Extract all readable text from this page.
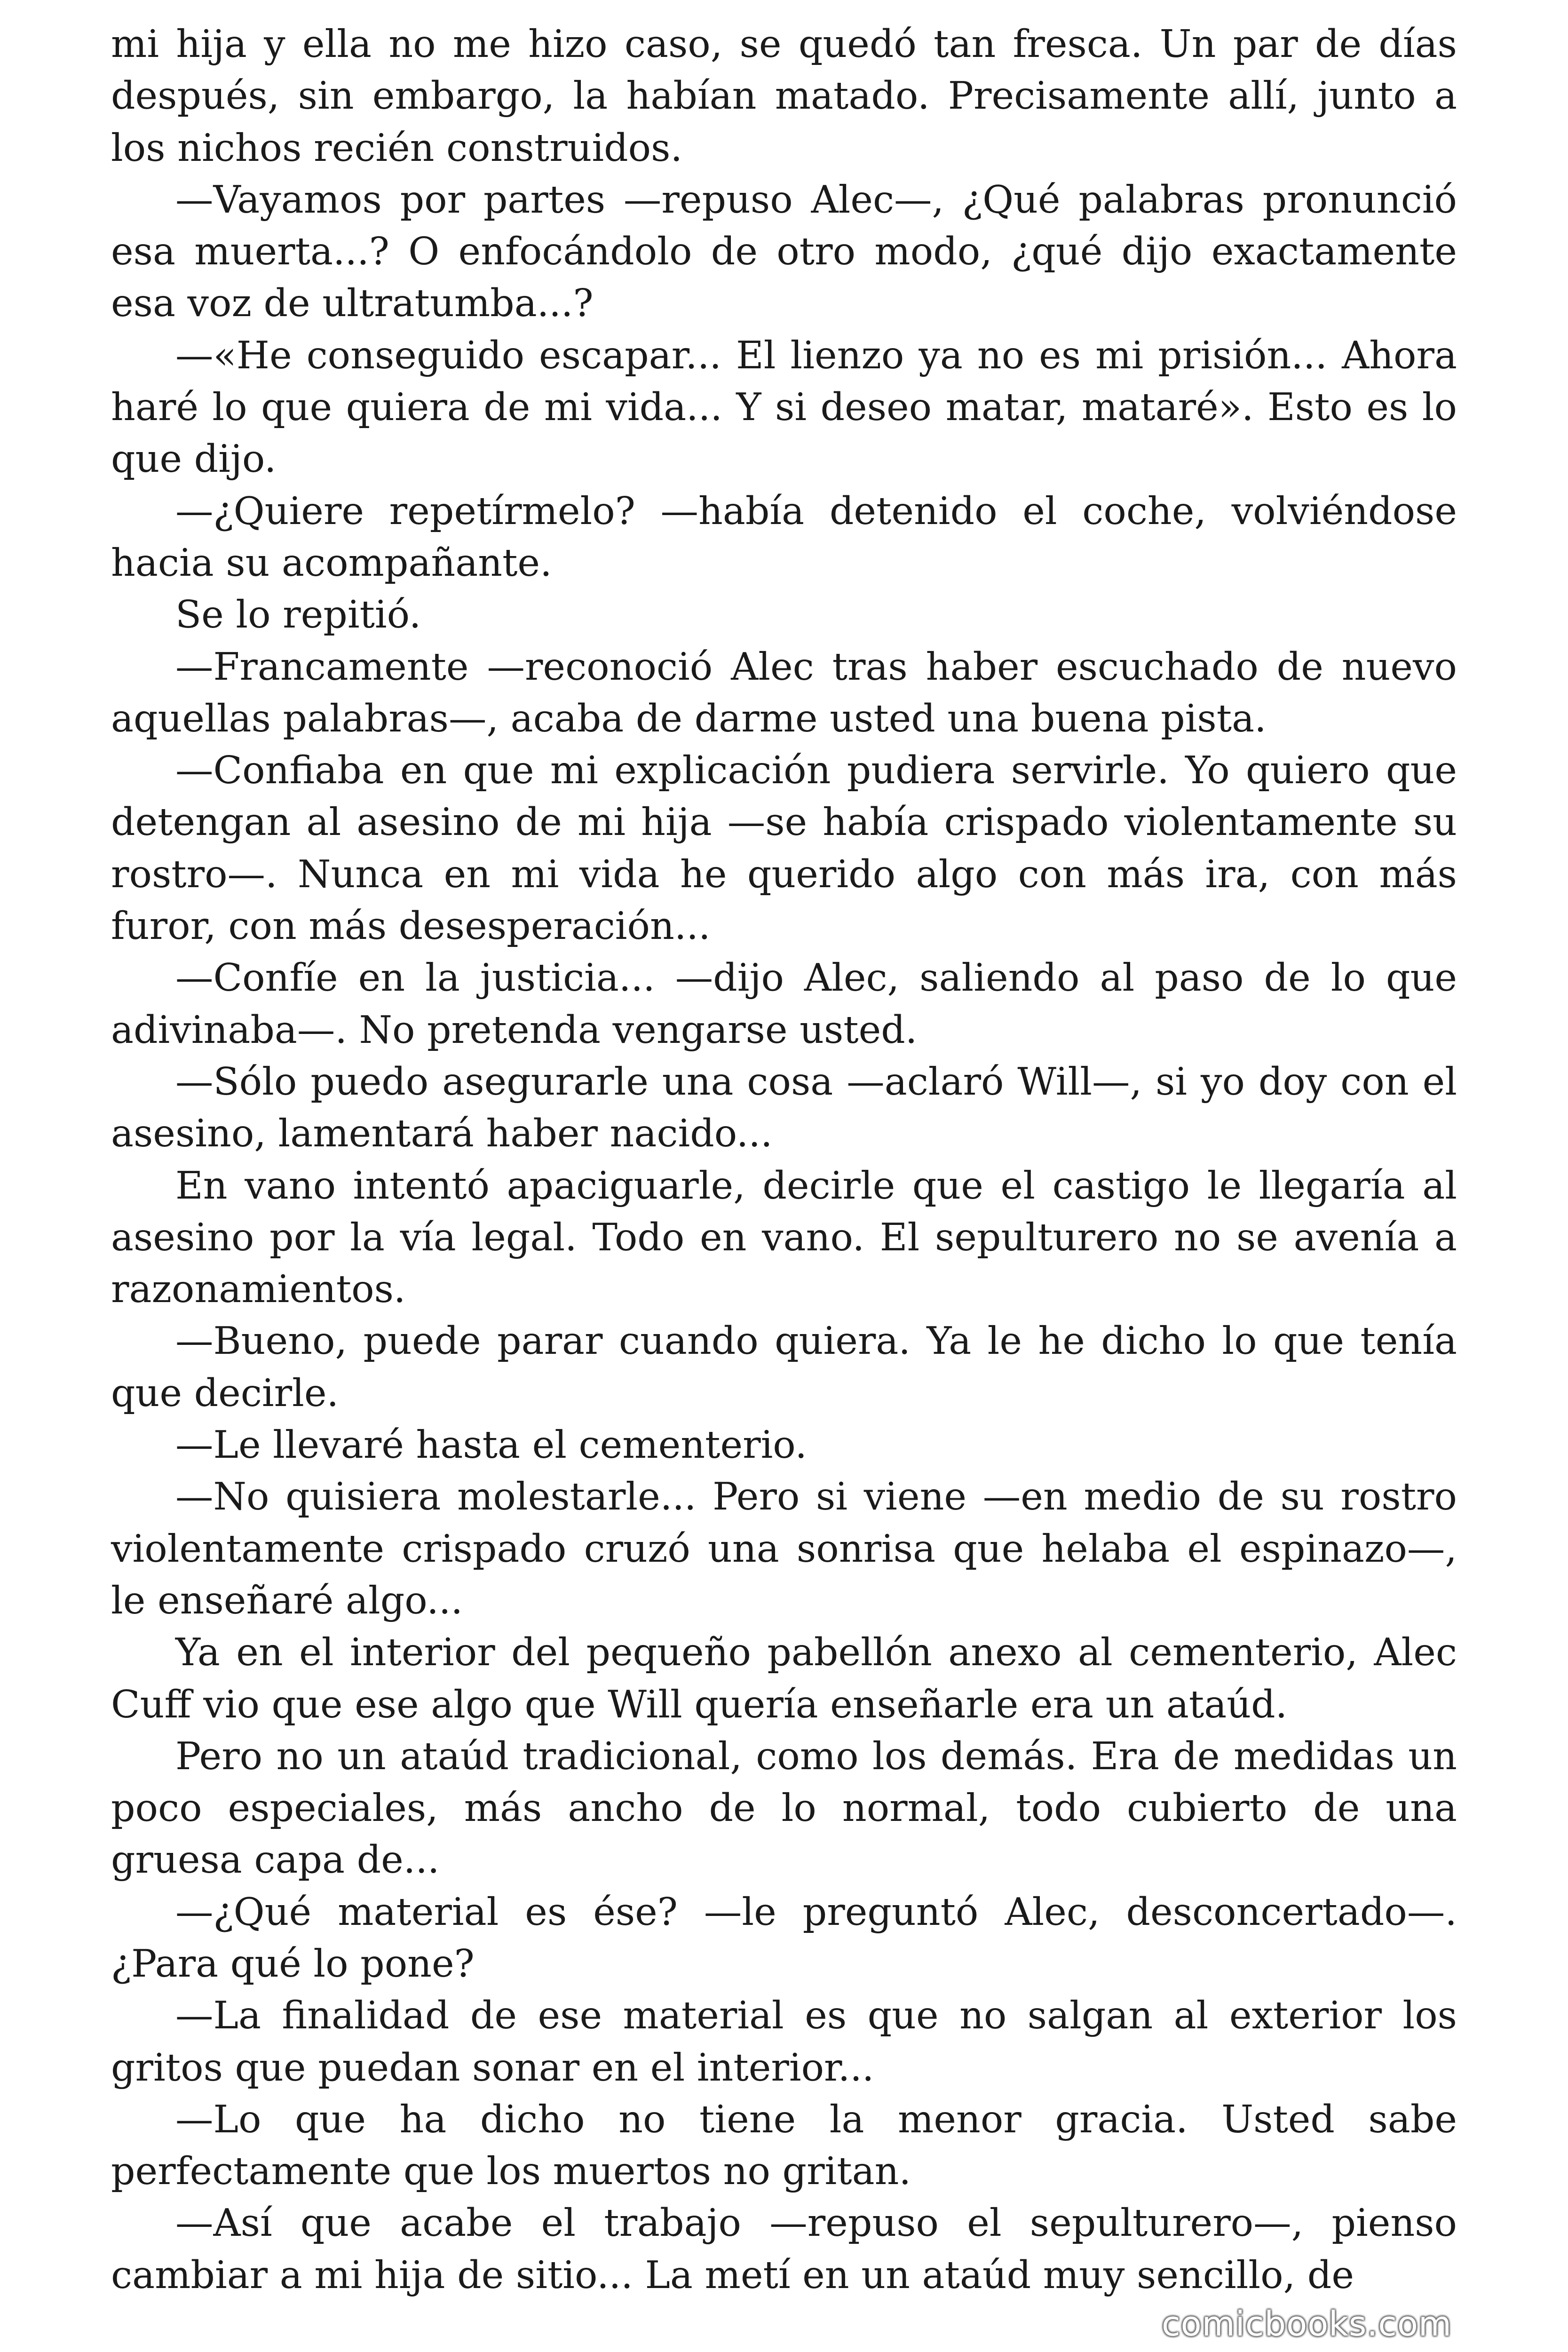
mi hija y ella no me hizo caso, se quedó tan fresca. Un par de días después, sin embargo, la habían matado. Precisamente allí, junto a los nichos recién construidos.

—Vayamos por partes —repuso Alec—, ¿Qué palabras pronunció esa muerta...? O enfocándolo de otro modo, ¿qué dijo exactamente esa voz de ultratumba...?

—«He conseguido escapar... El lienzo ya no es mi prisión... Ahora haré lo que quiera de mi vida... Y si deseo matar, mataré». Esto es lo que dijo.

—¿Quiere repetírmelo? —había detenido el coche, volviéndose hacia su acompañante.

Se lo repitió.

—Francamente —reconoció Alec tras haber escuchado de nuevo aquellas palabras—, acaba de darme usted una buena pista.

—Confiaba en que mi explicación pudiera servirle. Yo quiero que detengan al asesino de mi hija —se había crispado violentamente su rostro—. Nunca en mi vida he querido algo con más ira, con más furor, con más desesperación...

—Confíe en la justicia... —dijo Alec, saliendo al paso de lo que adivinaba—. No pretenda vengarse usted.

—Sólo puedo asegurarle una cosa —aclaró Will—, si yo doy con el asesino, lamentará haber nacido...

En vano intentó apaciguarle, decirle que el castigo le llegaría al asesino por la vía legal. Todo en vano. El sepulturero no se avenía a razonamientos.

—Bueno, puede parar cuando quiera. Ya le he dicho lo que tenía que decirle.

—Le llevaré hasta el cementerio.

—No quisiera molestarle... Pero si viene —en medio de su rostro violentamente crispado cruzó una sonrisa que helaba el espinazo—, le enseñaré algo...

Ya en el interior del pequeño pabellón anexo al cementerio, Alec Cuff vio que ese algo que Will quería enseñarle era un ataúd.

Pero no un ataúd tradicional, como los demás. Era de medidas un poco especiales, más ancho de lo normal, todo cubierto de una gruesa capa de...

—¿Qué material es ése? —le preguntó Alec, desconcertado—. ¿Para qué lo pone?

—La finalidad de ese material es que no salgan al exterior los gritos que puedan sonar en el interior...

—Lo que ha dicho no tiene la menor gracia. Usted sabe perfectamente que los muertos no gritan.

—Así que acabe el trabajo —repuso el sepulturero—, pienso cambiar a mi hija de sitio... La metí en un ataúd muy sencillo, de

comicbooks.com
